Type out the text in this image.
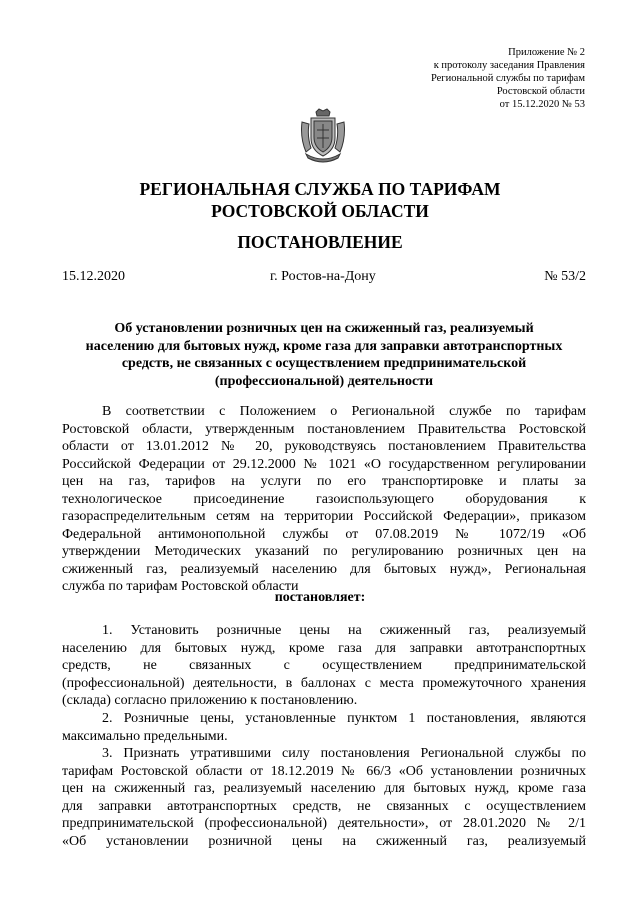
Приложение № 2
к протоколу заседания Правления
Региональной службы по тарифам
Ростовской области
от 15.12.2020 № 53
РЕГИОНАЛЬНАЯ СЛУЖБА ПО ТАРИФАМ
РОСТОВСКОЙ ОБЛАСТИ
ПОСТАНОВЛЕНИЕ
15.12.2020	г. Ростов-на-Дону	№ 53/2
Об установлении розничных цен на сжиженный газ, реализуемый
населению для бытовых нужд, кроме газа для заправки автотранспортных
средств, не связанных с осуществлением предпринимательской
(профессиональной) деятельности
В соответствии с Положением о Региональной службе по тарифам
Ростовской области, утвержденным постановлением Правительства Ростовской
области от 13.01.2012 № 20, руководствуясь постановлением Правительства
Российской Федерации от 29.12.2000 № 1021 «О государственном регулировании
цен на газ, тарифов на услуги по его транспортировке и платы за
технологическое присоединение газоиспользующего оборудования к
газораспределительным сетям на территории Российской Федерации», приказом
Федеральной антимонопольной службы от 07.08.2019 № 1072/19 «Об
утверждении Методических указаний по регулированию розничных цен на
сжиженный газ, реализуемый населению для бытовых нужд», Региональная
служба по тарифам Ростовской области
постановляет:
1. Установить розничные цены на сжиженный газ, реализуемый
населению для бытовых нужд, кроме газа для заправки автотранспортных
средств, не связанных с осуществлением предпринимательской
(профессиональной) деятельности, в баллонах с места промежуточного хранения
(склада) согласно приложению к постановлению.
2. Розничные цены, установленные пунктом 1 постановления, являются
максимально предельными.
3. Признать утратившими силу постановления Региональной службы по
тарифам Ростовской области от 18.12.2019 № 66/3 «Об установлении розничных
цен на сжиженный газ, реализуемый населению для бытовых нужд, кроме газа
для заправки автотранспортных средств, не связанных с осуществлением
предпринимательской (профессиональной) деятельности», от 28.01.2020 № 2/1
«Об установлении розничной цены на сжиженный газ, реализуемый
